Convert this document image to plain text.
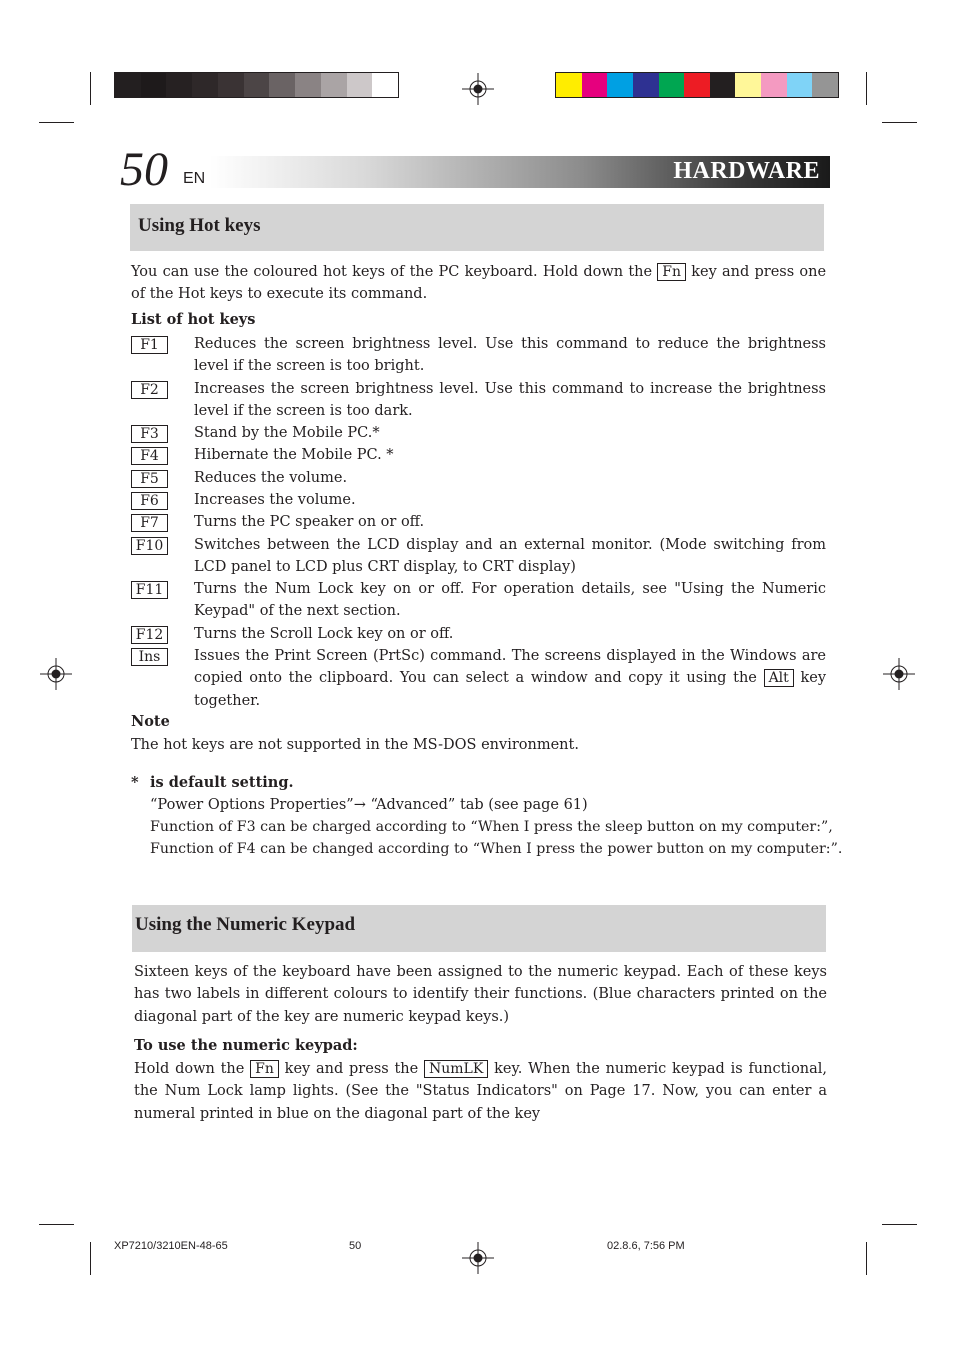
50 EN	HARDWARE
Using Hot keys
You can use the coloured hot keys of the PC keyboard. Hold down the Fn key and press one of the Hot keys to execute its command.
List of hot keys
F1	Reduces the screen brightness level. Use this command to reduce the brightness level if the screen is too bright.
F2	Increases the screen brightness level. Use this command to increase the brightness level if the screen is too dark.
F3	Stand by the Mobile PC.*
F4	Hibernate the Mobile PC. *
F5	Reduces the volume.
F6	Increases the volume.
F7	Turns the PC speaker on or off.
F10	Switches between the LCD display and an external monitor. (Mode switching from LCD panel to LCD plus CRT display, to CRT display)
F11	Turns the Num Lock key on or off. For operation details, see "Using the Numeric Keypad" of the next section.
F12	Turns the Scroll Lock key on or off.
Ins	Issues the Print Screen (PrtSc) command. The screens displayed in the Windows are copied onto the clipboard. You can select a window and copy it using the Alt key together.
Note
The hot keys are not supported in the MS-DOS environment.
* is default setting.
“Power Options Properties”→ “Advanced” tab (see page 61)
Function of F3 can be charged according to “When I press the sleep button on my computer:”,
Function of F4 can be changed according to “When I press the power button on my computer:”.
Using the Numeric Keypad
Sixteen keys of the keyboard have been assigned to the numeric keypad. Each of these keys has two labels in different colours to identify their functions. (Blue characters printed on the diagonal part of the key are numeric keypad keys.)
To use the numeric keypad:
Hold down the Fn key and press the NumLK key. When the numeric keypad is functional, the Num Lock lamp lights. (See the "Status Indicators" on Page 17. Now, you can enter a numeral printed in blue on the diagonal part of the key
XP7210/3210EN-48-65	50	02.8.6, 7:56 PM
